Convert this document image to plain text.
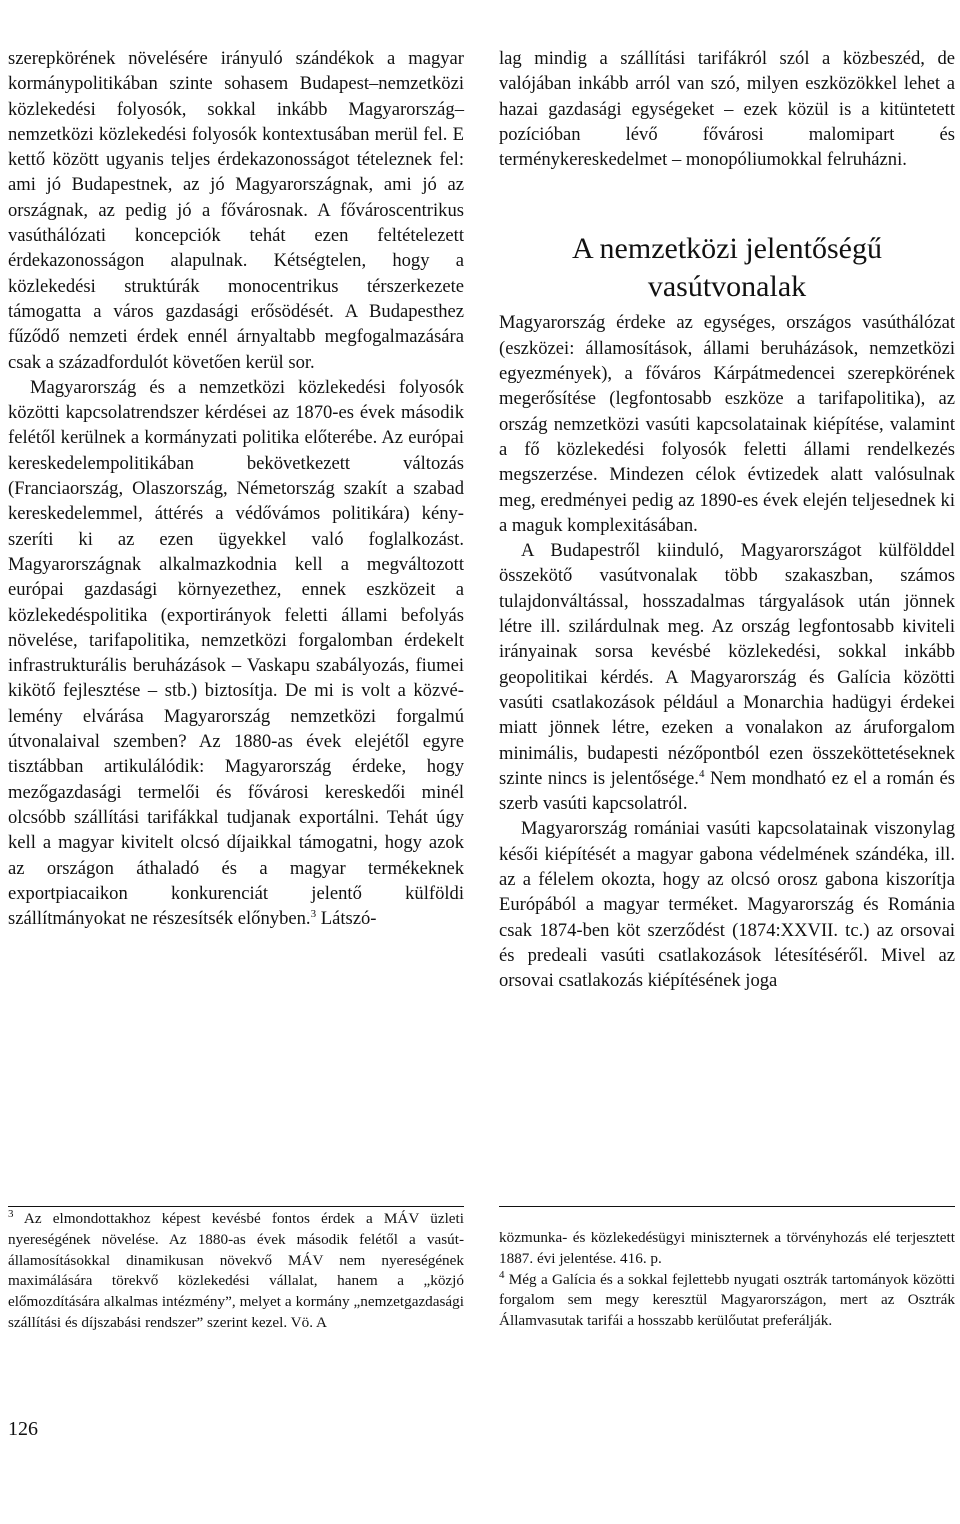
szerepkörének növelésére irányuló szándékok a magyar kormánypolitikában szinte sohasem Budapest–nemzetközi közlekedési folyosók, sokkal inkább Magyarország–nemzetközi közlekedési folyosók kontextusában merül fel. E kettő között ugyanis teljes érdekazonosságot tételeznek fel: ami jó Budapestnek, az jó Magyarországnak, ami jó az országnak, az pedig jó a fővárosnak. A fővároscentrikus vasúthálózati koncepciók tehát ezen feltételezett érdekazonosságon alapulnak. Kétségtelen, hogy a közlekedési struktúrák monocentrikus térszerkezete támogatta a város gazdasági erősödését. A Budapesthez fűződő nemzeti érdek ennél árnyaltabb megfogalmazására csak a századfordulót követően kerül sor.

Magyarország és a nemzetközi közlekedési folyosók közötti kapcsolatrendszer kérdései az 1870-es évek második felétől kerülnek a kormányzati politika előterébe. Az európai kereskedelempolitikában bekövetkezett változás (Franciaország, Olaszország, Németország szakít a szabad kereskedelemmel, áttérés a védővámos politikára) kényszeríti ki az ezen ügyekkel való foglalkozást. Magyarországnak alkalmazkodnia kell a megváltozott európai gazdasági környezethez, ennek eszközeit a közlekedéspolitika (exportirányok feletti állami befolyás növelése, tarifapolitika, nemzetközi forgalomban érdekelt infrastrukturális beruházások – Vaskapu szabályozás, fiumei kikötő fejlesztése – stb.) biztosítja. De mi is volt a közvélemény elvárása Magyarország nemzetközi forgalmú útvonalaival szemben? Az 1880-as évek elejétől egyre tisztábban artikulálódik: Magyarország érdeke, hogy mezőgazdasági termelői és fővárosi kereskedői minél olcsóbb szállítási tarifákkal tudjanak exportálni. Tehát úgy kell a magyar kivitelt olcsó díjaikkal támogatni, hogy azok az országon áthaladó és a magyar termékeknek exportpiacaikon konkurenciát jelentő külföldi szállítmányokat ne részesítsék előnyben.$^3$ Látszó-

lag mindig a szállítási tarifákról szól a közbeszéd, de valójában inkább arról van szó, milyen eszközökkel lehet a hazai gazdasági egységeket – ezek közül is a kitüntetett pozícióban lévő fővárosi malomipart és terménykereskedelmet – monopóliumokkal felruházni.

A nemzetközi jelentőségű vasútvonalak

Magyarország érdeke az egységes, országos vasúthálózat (eszközei: államosítások, állami beruházások, nemzetközi egyezmények), a főváros Kárpátmedencei szerepkörének megerősítése (legfontosabb eszköze a tarifapolitika), az ország nemzetközi vasúti kapcsolatainak kiépítése, valamint a fő közlekedési folyosók feletti állami rendelkezés megszerzése. Mindezen célok évtizedek alatt valósulnak meg, eredményei pedig az 1890-es évek elején teljesednek ki a maguk komplexitásában.

A Budapestről kiinduló, Magyarországot külfölddel összekötő vasútvonalak több szakaszban, számos tulajdonváltással, hosszadalmas tárgyalások után jönnek létre ill. szilárdulnak meg. Az ország legfontosabb kiviteli irányainak sorsa kevésbé közlekedési, sokkal inkább geopolitikai kérdés. A Magyarország és Galícia közötti vasúti csatlakozások például a Monarchia hadügyi érdekei miatt jönnek létre, ezeken a vonalakon az áruforgalom minimális, budapesti nézőpontból ezen összeköttetéseknek szinte nincs is jelentősége.$^4$ Nem mondható ez el a román és szerb vasúti kapcsolatról.

Magyarország romániai vasúti kapcsolatainak viszonylag késői kiépítését a magyar gabona védelmének szándéka, ill. az a félelem okozta, hogy az olcsó orosz gabona kiszorítja Európából a magyar terméket. Magyarország és Románia csak 1874-ben köt szerződést (1874:XXVII. tc.) az orsovai és predeali vasúti csatlakozások létesítéséről. Mivel az orsovai csatlakozás kiépítésének joga

$^3$ Az elmondottakhoz képest kevésbé fontos érdek a MÁV üzleti nyereségének növelése. Az 1880-as évek második felétől a vasút-államosításokkal dinamikusan növekvő MÁV nem nyereségének maximálására törekvő közlekedési vállalat, hanem a „közjó előmozdítására alkalmas intézmény”, melyet a kormány „nemzetgazdasági szállítási és díjszabási rendszer” szerint kezel. Vö. A

közmunka- és közlekedésügyi miniszternek a törvényhozás elé terjesztett 1887. évi jelentése. 416. p.

$^4$ Még a Galícia és a sokkal fejlettebb nyugati osztrák tartományok közötti forgalom sem megy keresztül Magyarországon, mert az Osztrák Államvasutak tarifái a hosszabb kerülőutat preferálják.

126
